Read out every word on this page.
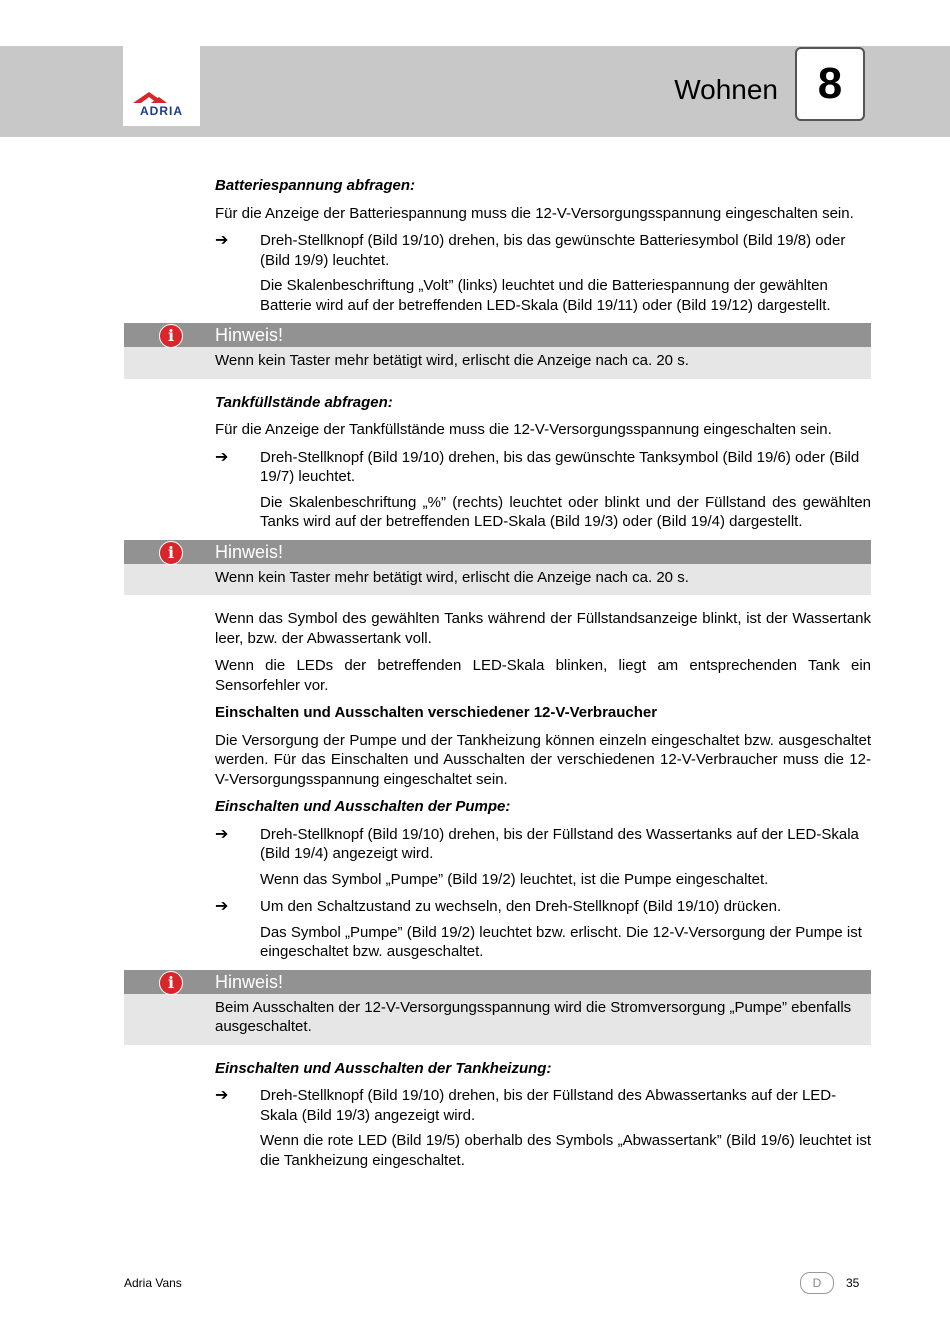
ADRIA
Wohnen 8

Batteriespannung abfragen:

Für die Anzeige der Batteriespannung muss die 12-V-Versorgungsspannung eingeschalten sein.

➔ Dreh-Stellknopf (Bild 19/10) drehen, bis das gewünschte Batteriesymbol (Bild 19/8) oder (Bild 19/9) leuchtet.

Die Skalenbeschriftung „Volt” (links) leuchtet und die Batteriespannung der gewählten Batterie wird auf der betreffenden LED-Skala (Bild 19/11) oder (Bild 19/12) dargestellt.

i	Hinweis!
Wenn kein Taster mehr betätigt wird, erlischt die Anzeige nach ca. 20 s.

Tankfüllstände abfragen:

Für die Anzeige der Tankfüllstände muss die 12-V-Versorgungsspannung eingeschalten sein.

➔ Dreh-Stellknopf (Bild 19/10) drehen, bis das gewünschte Tanksymbol (Bild 19/6) oder (Bild 19/7) leuchtet.

Die Skalenbeschriftung „%” (rechts) leuchtet oder blinkt und der Füllstand des gewählten Tanks wird auf der betreffenden LED-Skala (Bild 19/3) oder (Bild 19/4) dargestellt.

i	Hinweis!
Wenn kein Taster mehr betätigt wird, erlischt die Anzeige nach ca. 20 s.

Wenn das Symbol des gewählten Tanks während der Füllstandsanzeige blinkt, ist der Wassertank leer, bzw. der Abwassertank voll.

Wenn die LEDs der betreffenden LED-Skala blinken, liegt am entsprechenden Tank ein Sensorfehler vor.

Einschalten und Ausschalten verschiedener 12-V-Verbraucher

Die Versorgung der Pumpe und der Tankheizung können einzeln eingeschaltet bzw. ausgeschaltet werden. Für das Einschalten und Ausschalten der verschiedenen 12-V-Verbraucher muss die 12-V-Versorgungsspannung eingeschaltet sein.

Einschalten und Ausschalten der Pumpe:

➔ Dreh-Stellknopf (Bild 19/10) drehen, bis der Füllstand des Wassertanks auf der LED-Skala (Bild 19/4) angezeigt wird.

Wenn das Symbol „Pumpe” (Bild 19/2) leuchtet, ist die Pumpe eingeschaltet.

➔ Um den Schaltzustand zu wechseln, den Dreh-Stellknopf (Bild 19/10) drücken.

Das Symbol „Pumpe” (Bild 19/2) leuchtet bzw. erlischt. Die 12-V-Versorgung der Pumpe ist eingeschaltet bzw. ausgeschaltet.

i	Hinweis!
Beim Ausschalten der 12-V-Versorgungsspannung wird die Stromversorgung „Pumpe” ebenfalls ausgeschaltet.

Einschalten und Ausschalten der Tankheizung:

➔ Dreh-Stellknopf (Bild 19/10) drehen, bis der Füllstand des Abwassertanks auf der LED-Skala (Bild 19/3) angezeigt wird.

Wenn die rote LED (Bild 19/5) oberhalb des Symbols „Abwassertank” (Bild 19/6) leuchtet ist die Tankheizung eingeschaltet.

Adria Vans	D	35
